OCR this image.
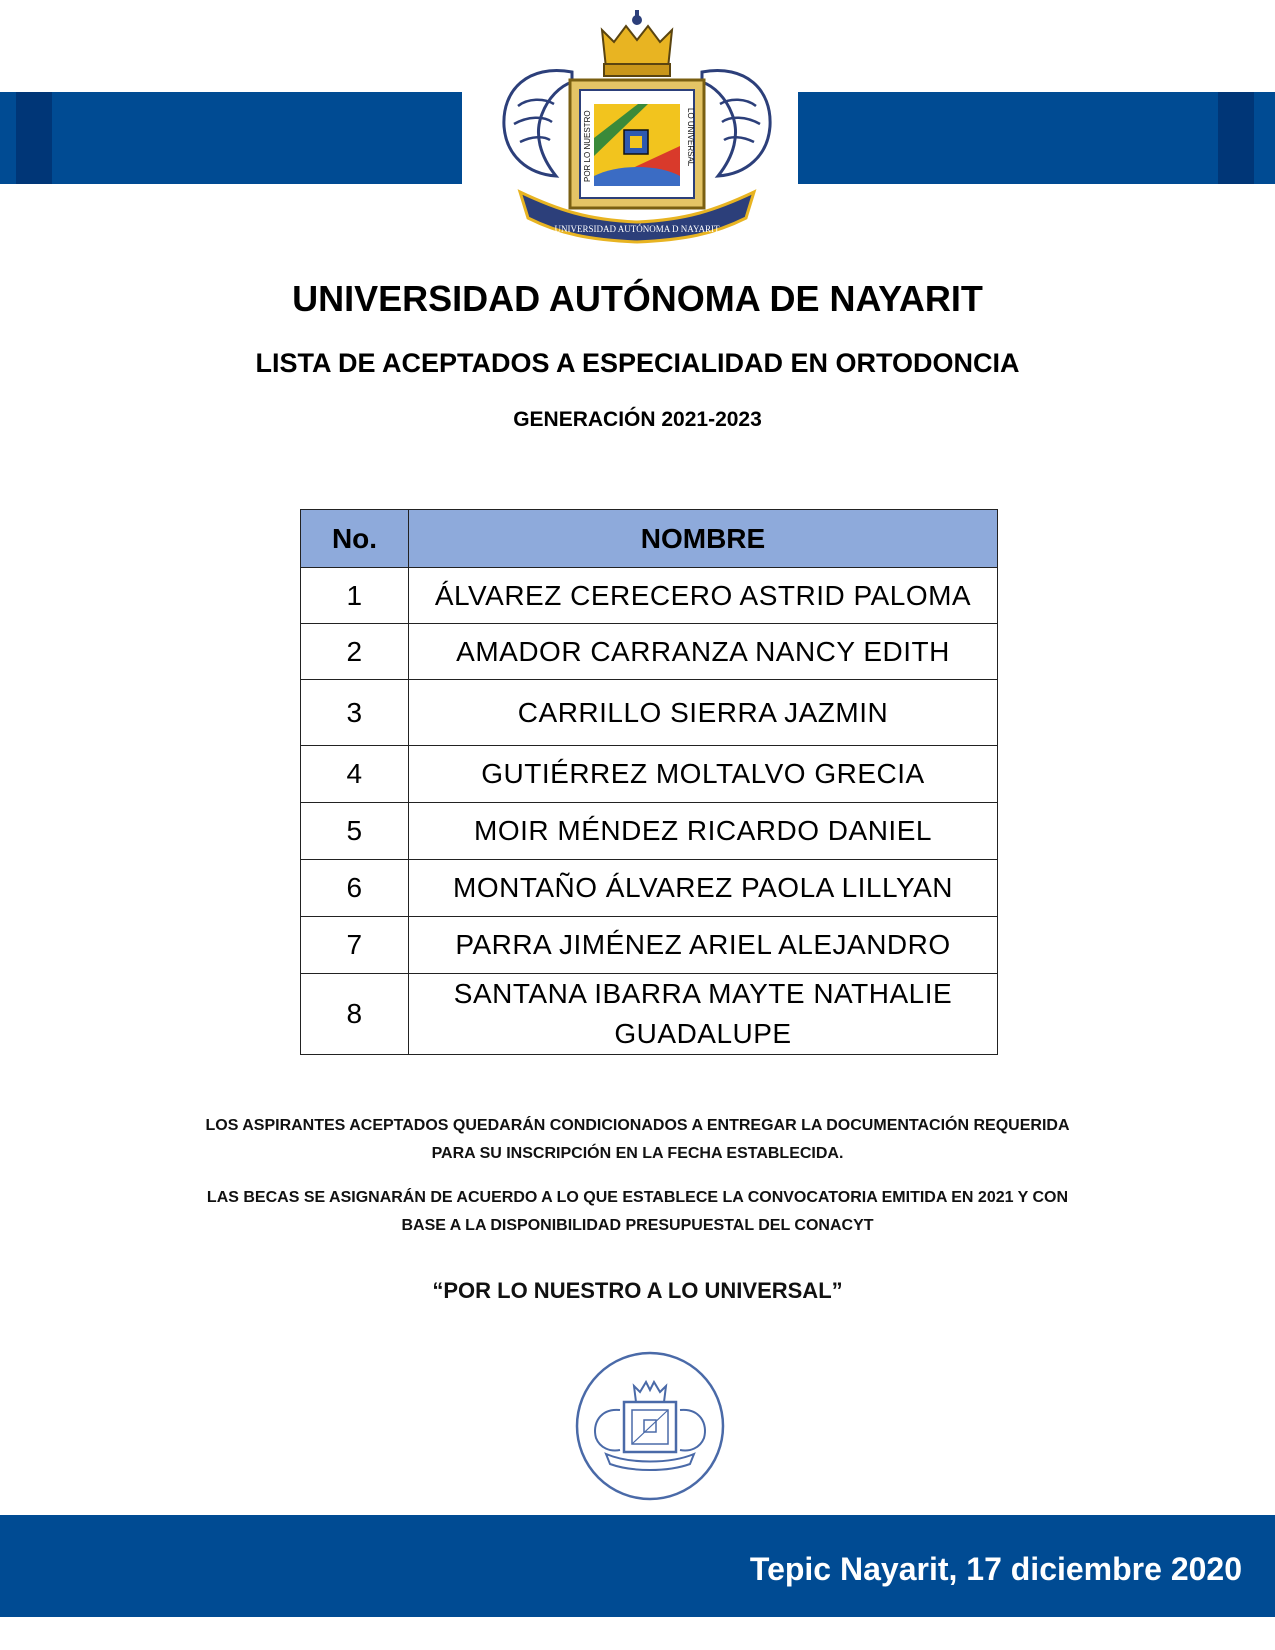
POR LO NUESTRO	LO UNIVERSAL
UNIVERSIDAD AUTÓNOMA D NAYARIT
UNIVERSIDAD AUTÓNOMA DE NAYARIT
LISTA DE ACEPTADOS A ESPECIALIDAD EN ORTODONCIA
GENERACIÓN 2021-2023
No.	NOMBRE
1	ÁLVAREZ CERECERO ASTRID PALOMA
2	AMADOR CARRANZA NANCY EDITH
3	CARRILLO SIERRA JAZMIN
4	GUTIÉRREZ MOLTALVO GRECIA
5	MOIR MÉNDEZ RICARDO DANIEL
6	MONTAÑO ÁLVAREZ PAOLA LILLYAN
7	PARRA JIMÉNEZ ARIEL ALEJANDRO
8	SANTANA IBARRA MAYTE NATHALIE
GUADALUPE
LOS ASPIRANTES ACEPTADOS QUEDARÁN CONDICIONADOS A ENTREGAR LA DOCUMENTACIÓN REQUERIDA
PARA SU INSCRIPCIÓN EN LA FECHA ESTABLECIDA.
LAS BECAS SE ASIGNARÁN DE ACUERDO A LO QUE ESTABLECE LA CONVOCATORIA EMITIDA EN 2021 Y CON
BASE A LA DISPONIBILIDAD PRESUPUESTAL DEL CONACYT
“POR LO NUESTRO A LO UNIVERSAL”
Tepic Nayarit, 17 diciembre 2020
